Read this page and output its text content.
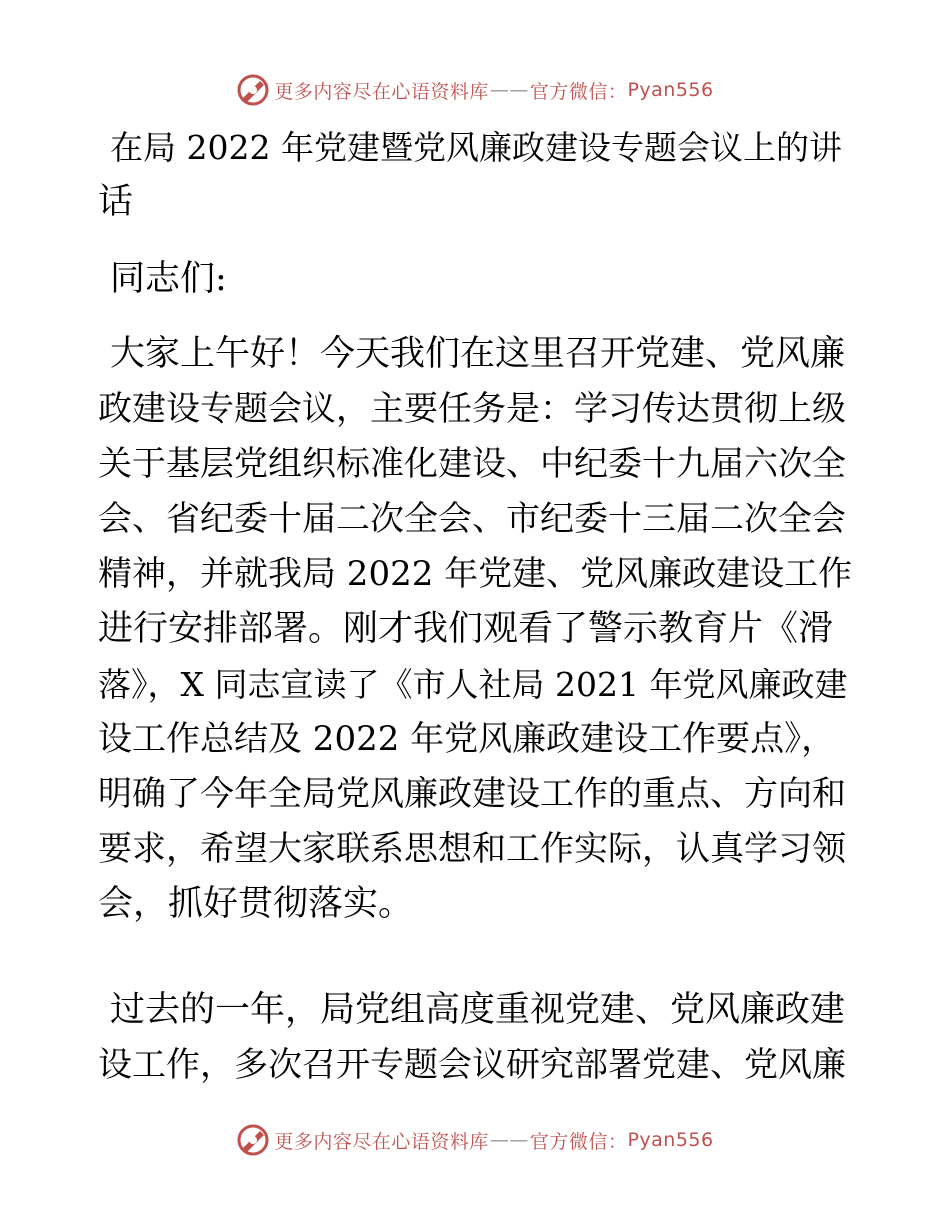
更多内容尽在心语资料库 —— 官方微信： Pyan556
在局 2022 年党建暨党风廉政建设专题会议上的讲
话
同志们:
大家上午好！今天我们在这里召开党建、党风廉
政建设专题会议，主要任务是：学习传达贯彻上级
关于基层党组织标准化建设、中纪委十九届六次全
会、省纪委十届二次全会、市纪委十三届二次全会
精神，并就我局 2022 年党建、党风廉政建设工作
进行安排部署。刚才我们观看了警示教育片《滑
落》，X 同志宣读了《市人社局 2021 年党风廉政建
设工作总结及 2022 年党风廉政建设工作要点》，
明确了今年全局党风廉政建设工作的重点、方向和
要求，希望大家联系思想和工作实际，认真学习领
会，抓好贯彻落实。
过去的一年，局党组高度重视党建、党风廉政建
设工作，多次召开专题会议研究部署党建、党风廉
更多内容尽在心语资料库 —— 官方微信： Pyan556
